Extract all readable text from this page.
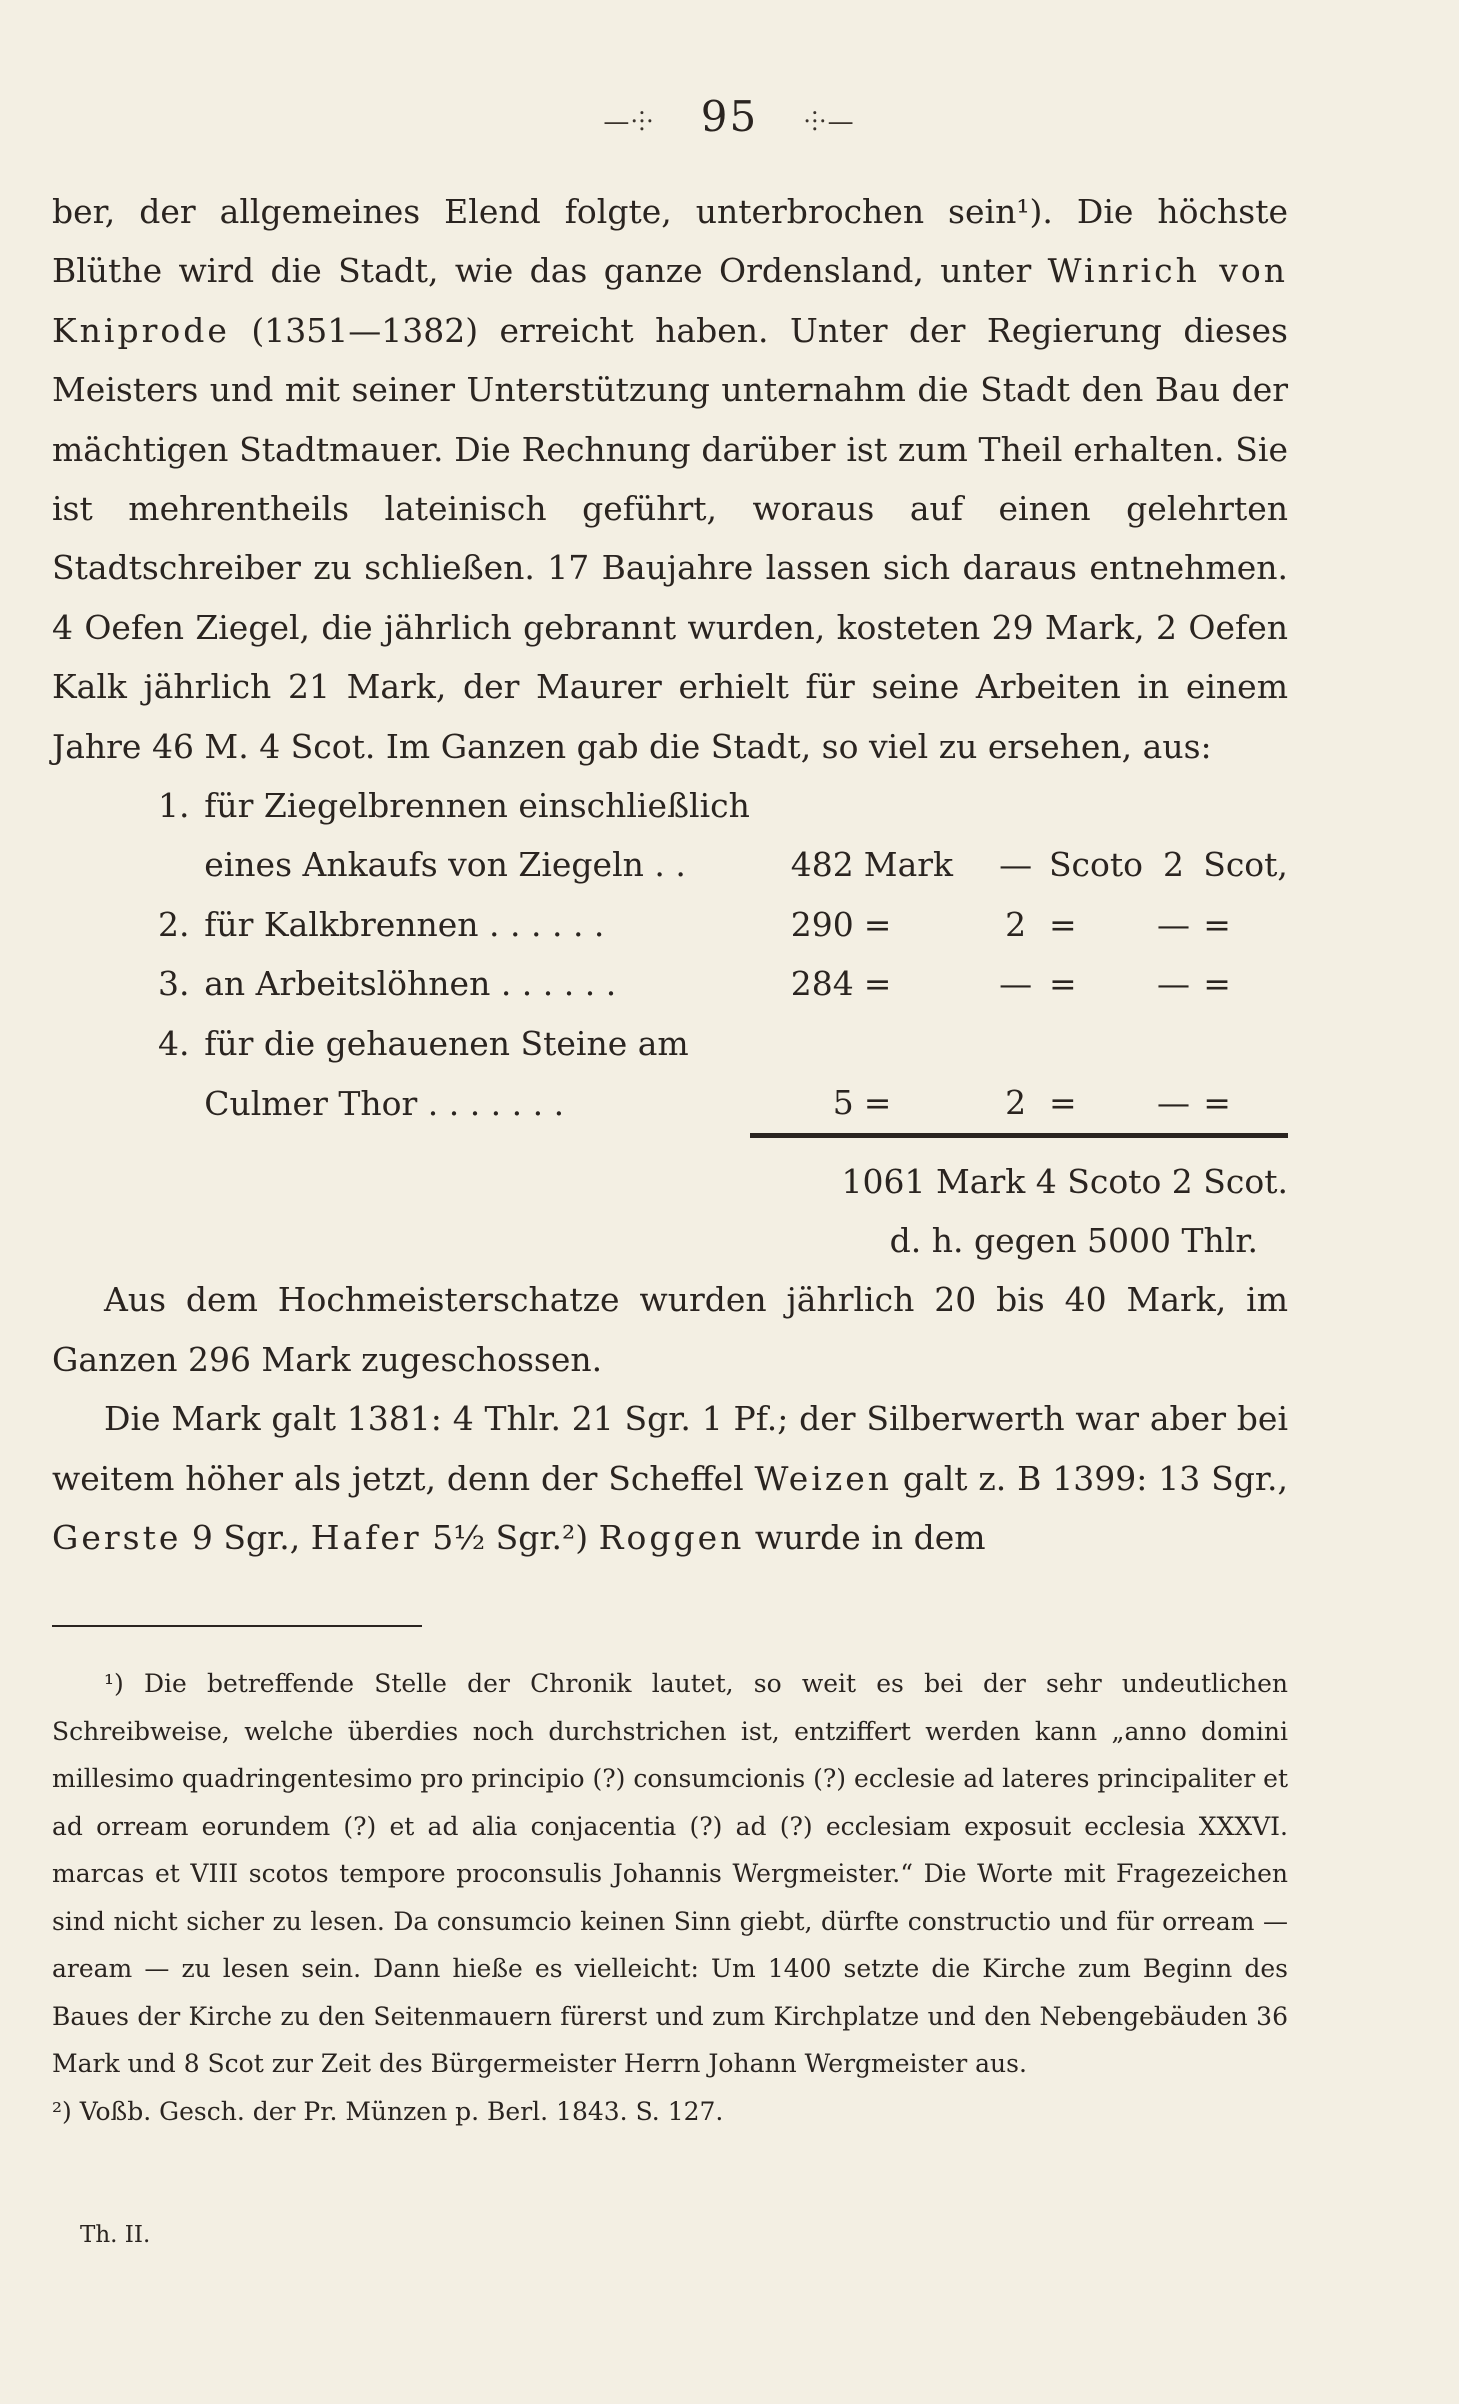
—⸭ 95 ⸭—

ber, der allgemeines Elend folgte, unterbrochen sein¹). Die höchste Blüthe wird die Stadt, wie das ganze Ordensland, unter Winrich von Kniprode (1351—1382) erreicht haben. Unter der Regierung dieses Meisters und mit seiner Unterstützung unternahm die Stadt den Bau der mächtigen Stadtmauer. Die Rechnung darüber ist zum Theil erhalten. Sie ist mehrentheils lateinisch geführt, woraus auf einen gelehrten Stadtschreiber zu schließen. 17 Baujahre lassen sich daraus entnehmen. 4 Oefen Ziegel, die jährlich gebrannt wurden, kosteten 29 Mark, 2 Oefen Kalk jährlich 21 Mark, der Maurer erhielt für seine Arbeiten in einem Jahre 46 M. 4 Scot. Im Ganzen gab die Stadt, so viel zu ersehen, aus:

1.	für Ziegelbrennen einschließlich						
	eines Ankaufs von Ziegeln . .	482	Mark	—	Scoto	2	Scot,
2.	für Kalkbrennen . . . . . .	290	=	2	=	—	=
3.	an Arbeitslöhnen . . . . . .	284	=	—	=	—	=
4.	für die gehauenen Steine am						
	Culmer Thor . . . . . . .	5	=	2	=	—	=

1061 Mark 4 Scoto 2 Scot.							
d. h. gegen 5000 Thlr.							

Aus dem Hochmeisterschatze wurden jährlich 20 bis 40 Mark, im Ganzen 296 Mark zugeschossen.

Die Mark galt 1381: 4 Thlr. 21 Sgr. 1 Pf.; der Silberwerth war aber bei weitem höher als jetzt, denn der Scheffel Weizen galt z. B 1399: 13 Sgr., Gerste 9 Sgr., Hafer 5½ Sgr.²) Roggen wurde in dem

¹) Die betreffende Stelle der Chronik lautet, so weit es bei der sehr undeutlichen Schreibweise, welche überdies noch durchstrichen ist, entziffert werden kann „anno domini millesimo quadringentesimo pro principio (?) consumcionis (?) ecclesie ad lateres principaliter et ad orream eorundem (?) et ad alia conjacentia (?) ad (?) ecclesiam exposuit ecclesia XXXVI. marcas et VIII scotos tempore proconsulis Johannis Wergmeister.“ Die Worte mit Fragezeichen sind nicht sicher zu lesen. Da consumcio keinen Sinn giebt, dürfte constructio und für orream — aream — zu lesen sein. Dann hieße es vielleicht: Um 1400 setzte die Kirche zum Beginn des Baues der Kirche zu den Seitenmauern fürerst und zum Kirchplatze und den Nebengebäuden 36 Mark und 8 Scot zur Zeit des Bürgermeister Herrn Johann Wergmeister aus.

²) Voßb. Gesch. der Pr. Münzen p. Berl. 1843. S. 127.

Th. II.
